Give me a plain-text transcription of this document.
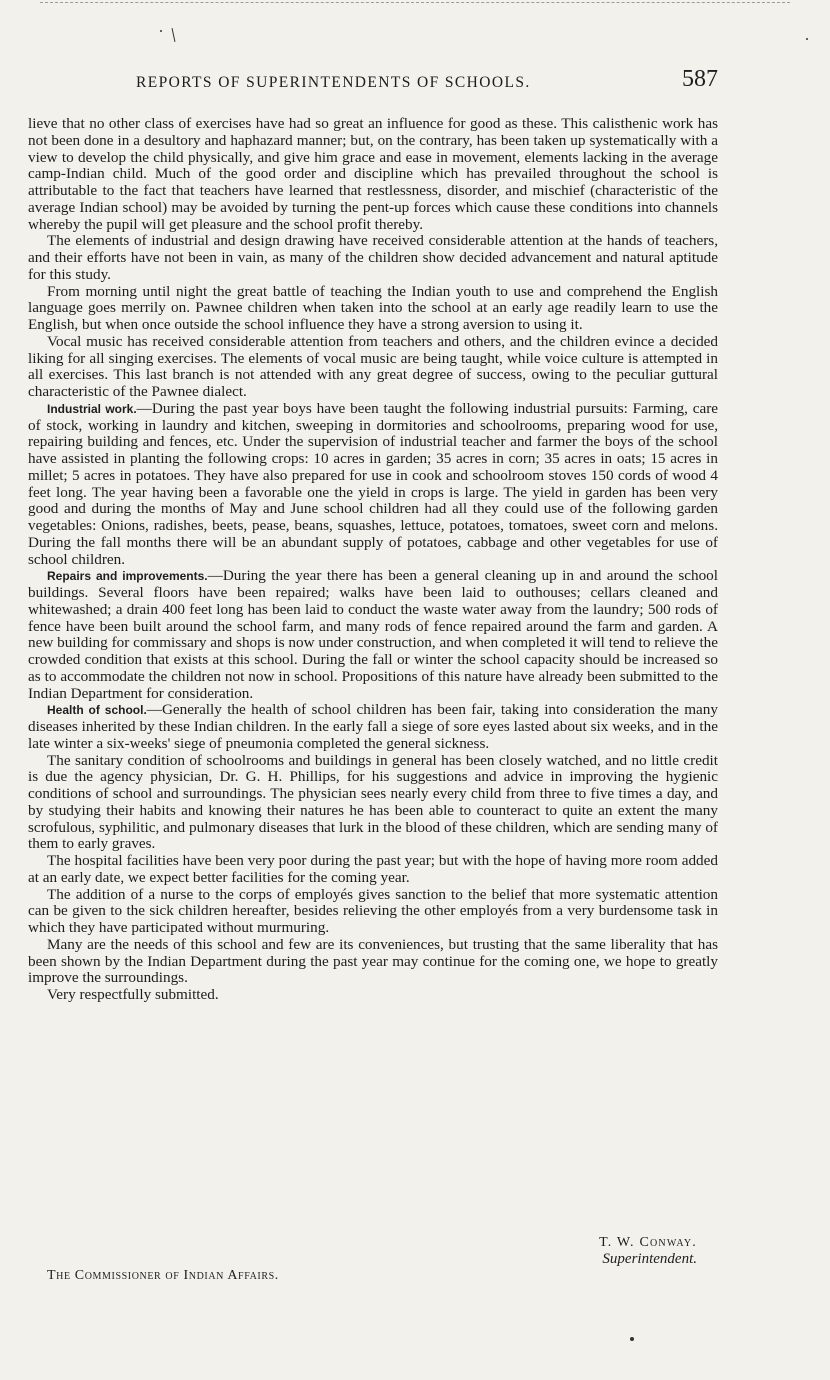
REPORTS OF SUPERINTENDENTS OF SCHOOLS.	587

lieve that no other class of exercises have had so great an influence for good as these. This calisthenic work has not been done in a desultory and haphazard manner; but, on the contrary, has been taken up systematically with a view to develop the child physically, and give him grace and ease in movement, elements lacking in the average camp-Indian child. Much of the good order and discipline which has prevailed throughout the school is attributable to the fact that teachers have learned that restlessness, disorder, and mischief (characteristic of the average Indian school) may be avoided by turning the pent-up forces which cause these conditions into channels whereby the pupil will get pleasure and the school profit thereby.

The elements of industrial and design drawing have received considerable attention at the hands of teachers, and their efforts have not been in vain, as many of the children show decided advancement and natural aptitude for this study.

From morning until night the great battle of teaching the Indian youth to use and comprehend the English language goes merrily on. Pawnee children when taken into the school at an early age readily learn to use the English, but when once outside the school influence they have a strong aversion to using it.

Vocal music has received considerable attention from teachers and others, and the children evince a decided liking for all singing exercises. The elements of vocal music are being taught, while voice culture is attempted in all exercises. This last branch is not attended with any great degree of success, owing to the peculiar guttural characteristic of the Pawnee dialect.

Industrial work.—During the past year boys have been taught the following industrial pursuits: Farming, care of stock, working in laundry and kitchen, sweeping in dormitories and schoolrooms, preparing wood for use, repairing building and fences, etc. Under the supervision of industrial teacher and farmer the boys of the school have assisted in planting the following crops: 10 acres in garden; 35 acres in corn; 35 acres in oats; 15 acres in millet; 5 acres in potatoes. They have also prepared for use in cook and schoolroom stoves 150 cords of wood 4 feet long. The year having been a favorable one the yield in crops is large. The yield in garden has been very good and during the months of May and June school children had all they could use of the following garden vegetables: Onions, radishes, beets, pease, beans, squashes, lettuce, potatoes, tomatoes, sweet corn and melons. During the fall months there will be an abundant supply of potatoes, cabbage and other vegetables for use of school children.

Repairs and improvements.—During the year there has been a general cleaning up in and around the school buildings. Several floors have been repaired; walks have been laid to outhouses; cellars cleaned and whitewashed; a drain 400 feet long has been laid to conduct the waste water away from the laundry; 500 rods of fence have been built around the school farm, and many rods of fence repaired around the farm and garden. A new building for commissary and shops is now under construction, and when completed it will tend to relieve the crowded condition that exists at this school. During the fall or winter the school capacity should be increased so as to accommodate the children not now in school. Propositions of this nature have already been submitted to the Indian Department for consideration.

Health of school.—Generally the health of school children has been fair, taking into consideration the many diseases inherited by these Indian children. In the early fall a siege of sore eyes lasted about six weeks, and in the late winter a six-weeks' siege of pneumonia completed the general sickness.

The sanitary condition of schoolrooms and buildings in general has been closely watched, and no little credit is due the agency physician, Dr. G. H. Phillips, for his suggestions and advice in improving the hygienic conditions of school and surroundings. The physician sees nearly every child from three to five times a day, and by studying their habits and knowing their natures he has been able to counteract to quite an extent the many scrofulous, syphilitic, and pulmonary diseases that lurk in the blood of these children, which are sending many of them to early graves.

The hospital facilities have been very poor during the past year; but with the hope of having more room added at an early date, we expect better facilities for the coming year.

The addition of a nurse to the corps of employés gives sanction to the belief that more systematic attention can be given to the sick children hereafter, besides relieving the other employés from a very burdensome task in which they have participated without murmuring.

Many are the needs of this school and few are its conveniences, but trusting that the same liberality that has been shown by the Indian Department during the past year may continue for the coming one, we hope to greatly improve the surroundings.

Very respectfully submitted.

T. W. Conway.
Superintendent.
The Commissioner of Indian Affairs.
